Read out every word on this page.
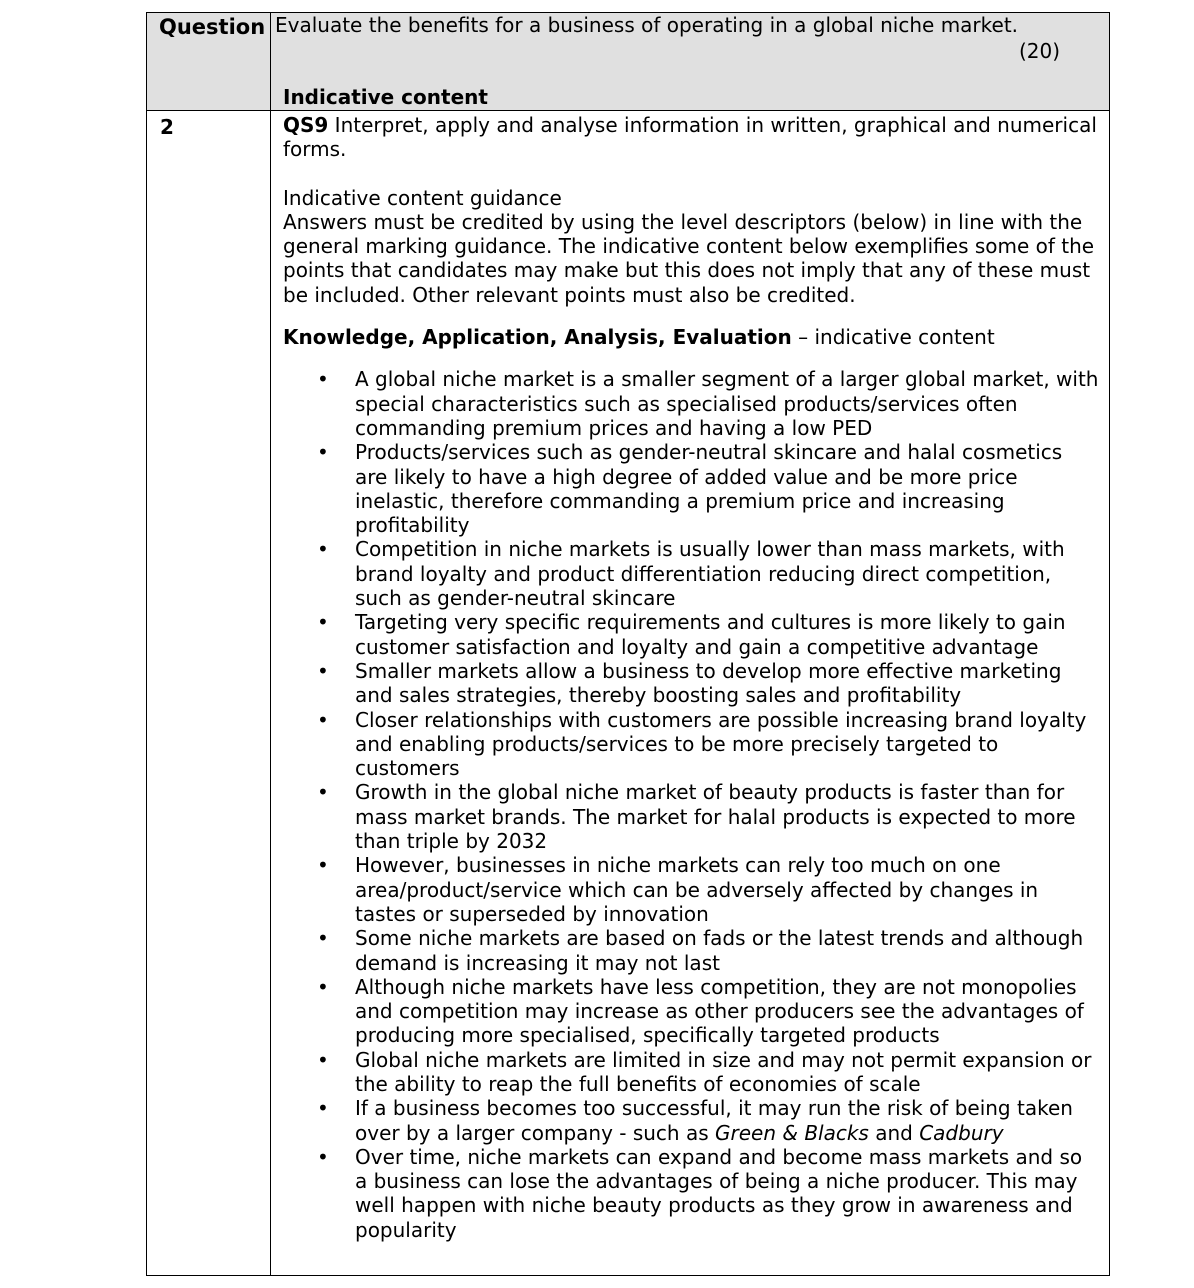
Question Evaluate the benefits for a business of operating in a global niche market.
(20)
Indicative content
2	QS9 Interpret, apply and analyse information in written, graphical and numerical forms.

Indicative content guidance

Answers must be credited by using the level descriptors (below) in line with the general marking guidance. The indicative content below exemplifies some of the points that candidates may make but this does not imply that any of these must be included. Other relevant points must also be credited.

Knowledge, Application, Analysis, Evaluation – indicative content

• A global niche market is a smaller segment of a larger global market, with special characteristics such as specialised products/services often commanding premium prices and having a low PED
• Products/services such as gender-neutral skincare and halal cosmetics are likely to have a high degree of added value and be more price inelastic, therefore commanding a premium price and increasing profitability
• Competition in niche markets is usually lower than mass markets, with brand loyalty and product differentiation reducing direct competition, such as gender-neutral skincare
• Targeting very specific requirements and cultures is more likely to gain customer satisfaction and loyalty and gain a competitive advantage
• Smaller markets allow a business to develop more effective marketing and sales strategies, thereby boosting sales and profitability
• Closer relationships with customers are possible increasing brand loyalty and enabling products/services to be more precisely targeted to customers
• Growth in the global niche market of beauty products is faster than for mass market brands. The market for halal products is expected to more than triple by 2032
• However, businesses in niche markets can rely too much on one area/product/service which can be adversely affected by changes in tastes or superseded by innovation
• Some niche markets are based on fads or the latest trends and although demand is increasing it may not last
• Although niche markets have less competition, they are not monopolies and competition may increase as other producers see the advantages of producing more specialised, specifically targeted products
• Global niche markets are limited in size and may not permit expansion or the ability to reap the full benefits of economies of scale
• If a business becomes too successful, it may run the risk of being taken over by a larger company - such as Green & Blacks and Cadbury
• Over time, niche markets can expand and become mass markets and so a business can lose the advantages of being a niche producer. This may well happen with niche beauty products as they grow in awareness and popularity
